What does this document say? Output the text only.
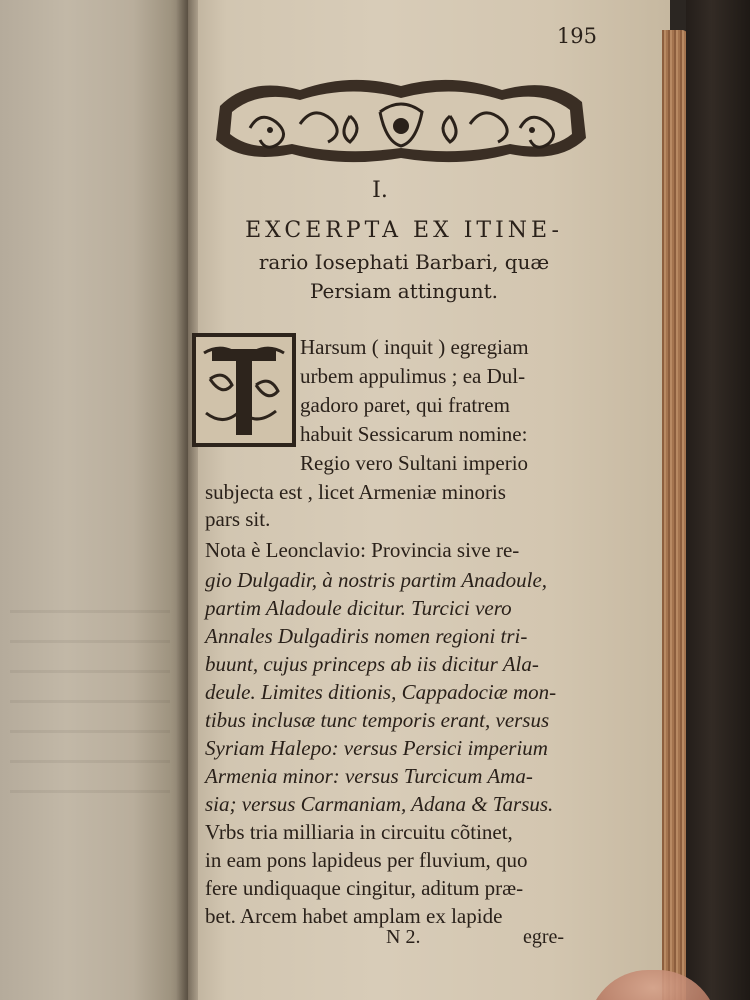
195
I.
EXCERPTA EX ITINE-
rario Iosephati Barbari, quæ
Persiam attingunt.
Harsum ( inquit ) egregiam
urbem appulimus ; ea Dul-
gadoro paret, qui fratrem
habuit Sessicarum nomine:
Regio vero Sultani imperio
subjecta est , licet Armeniæ minoris
pars sit.
Nota è Leonclavio: Provincia sive re-
gio Dulgadir, à nostris partim Anadoule,
partim Aladoule dicitur. Turcici vero
Annales Dulgadiris nomen regioni tri-
buunt, cujus princeps ab iis dicitur Ala-
deule. Limites ditionis, Cappadociæ mon-
tibus inclusæ tunc temporis erant, versus
Syriam Halepo: versus Persici imperium
Armenia minor: versus Turcicum Ama-
sia; versus Carmaniam, Adana & Tarsus.
Vrbs tria milliaria in circuitu cõtinet,
in eam pons lapideus per fluvium, quo
fere undiquaque cingitur, aditum præ-
bet. Arcem habet amplam ex lapide
N 2.	egre-
